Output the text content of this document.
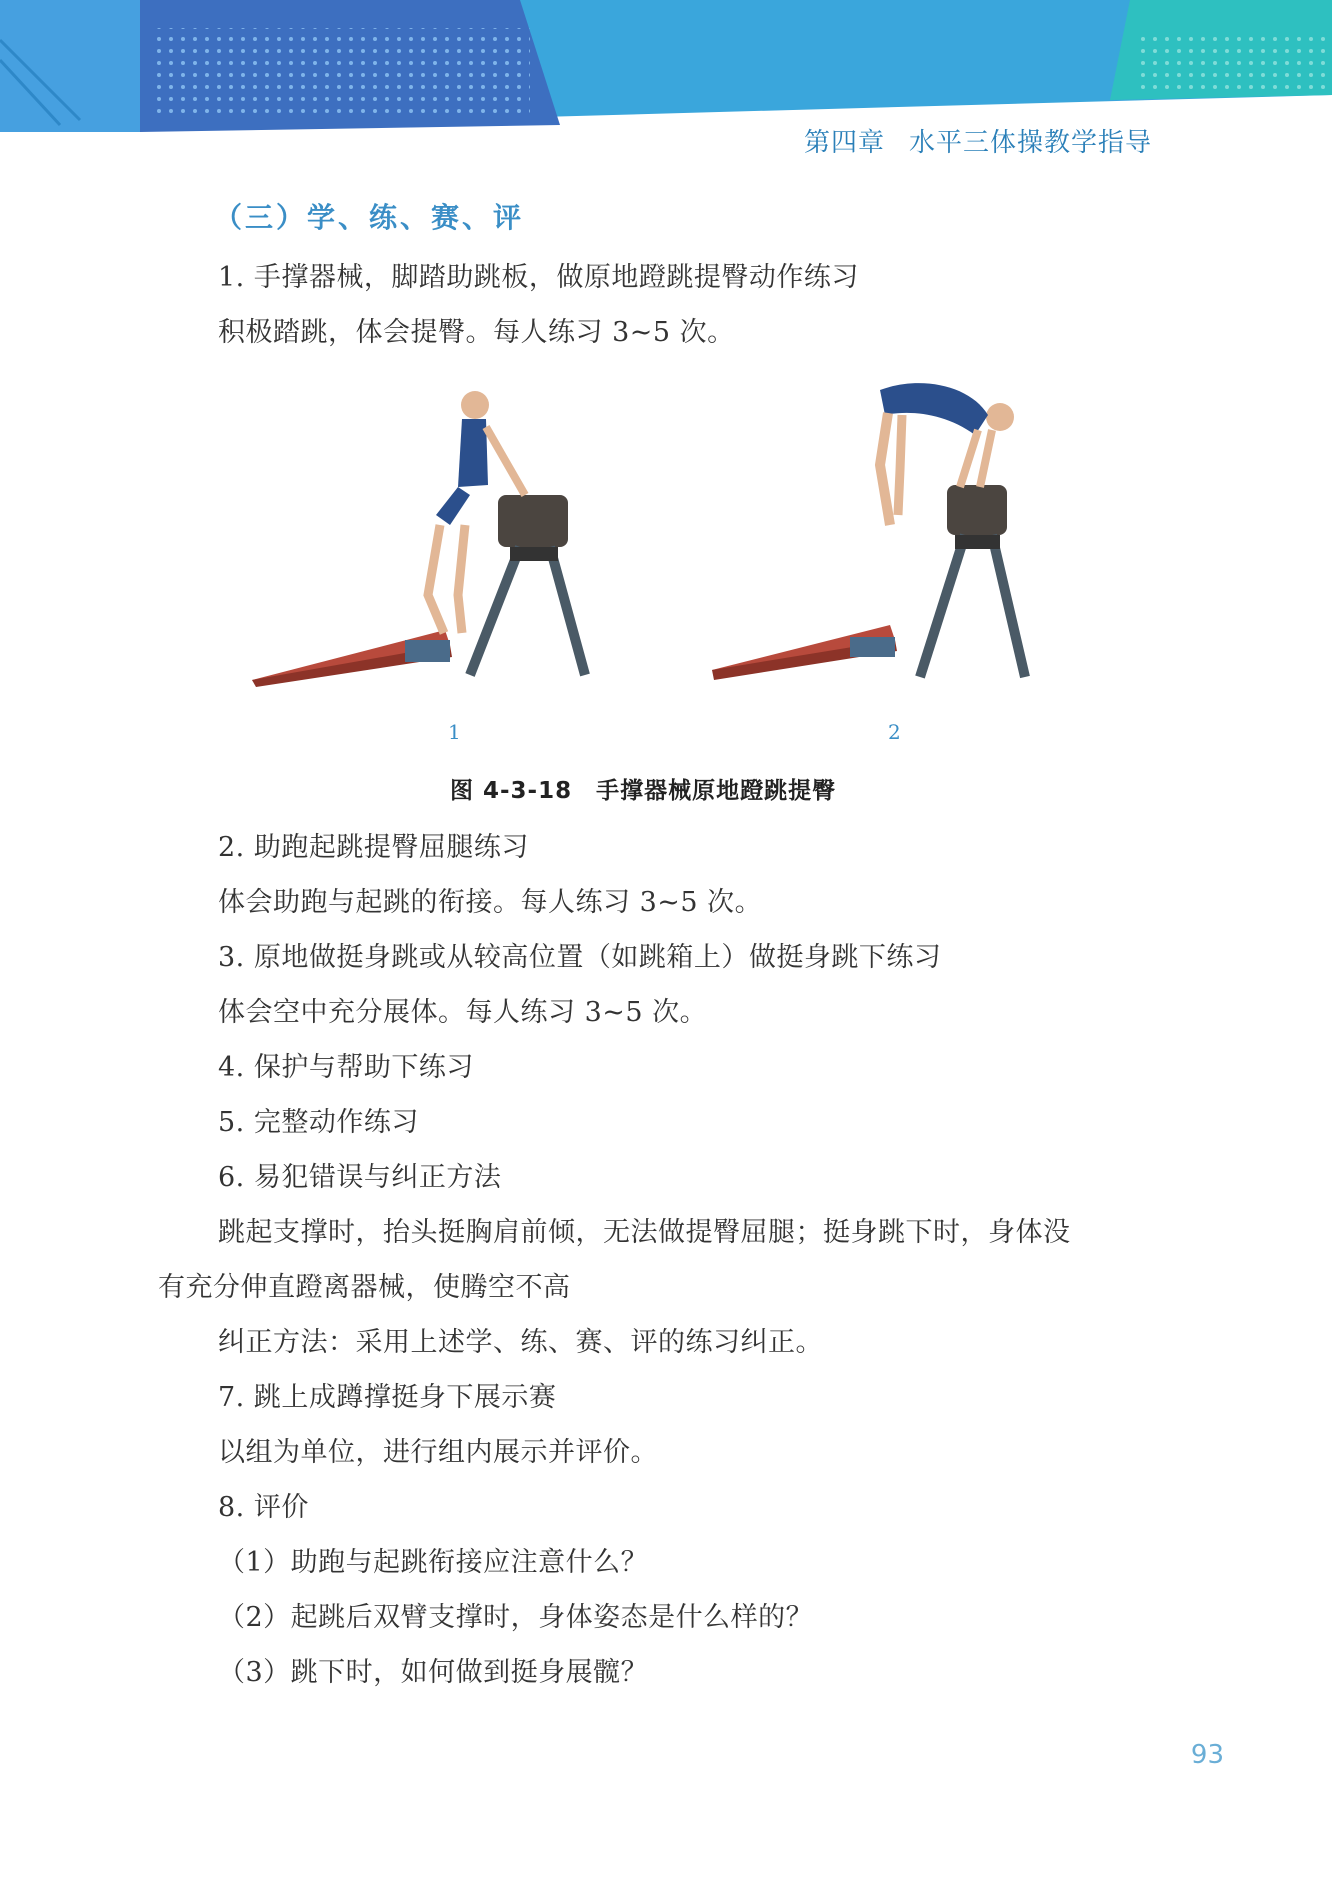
第四章 水平三体操教学指导
（三）学、练、赛、评
1. 手撑器械，脚踏助跳板，做原地蹬跳提臀动作练习
积极踏跳，体会提臀。每人练习 3~5 次。
1	2
图 4-3-18　手撑器械原地蹬跳提臀
2. 助跑起跳提臀屈腿练习
体会助跑与起跳的衔接。每人练习 3~5 次。
3. 原地做挺身跳或从较高位置（如跳箱上）做挺身跳下练习
体会空中充分展体。每人练习 3~5 次。
4. 保护与帮助下练习
5. 完整动作练习
6. 易犯错误与纠正方法
跳起支撑时，抬头挺胸肩前倾，无法做提臀屈腿；挺身跳下时，身体没
有充分伸直蹬离器械，使腾空不高
纠正方法：采用上述学、练、赛、评的练习纠正。
7. 跳上成蹲撑挺身下展示赛
以组为单位，进行组内展示并评价。
8. 评价
（1）助跑与起跳衔接应注意什么？
（2）起跳后双臂支撑时，身体姿态是什么样的？
（3）跳下时，如何做到挺身展髋？
93
